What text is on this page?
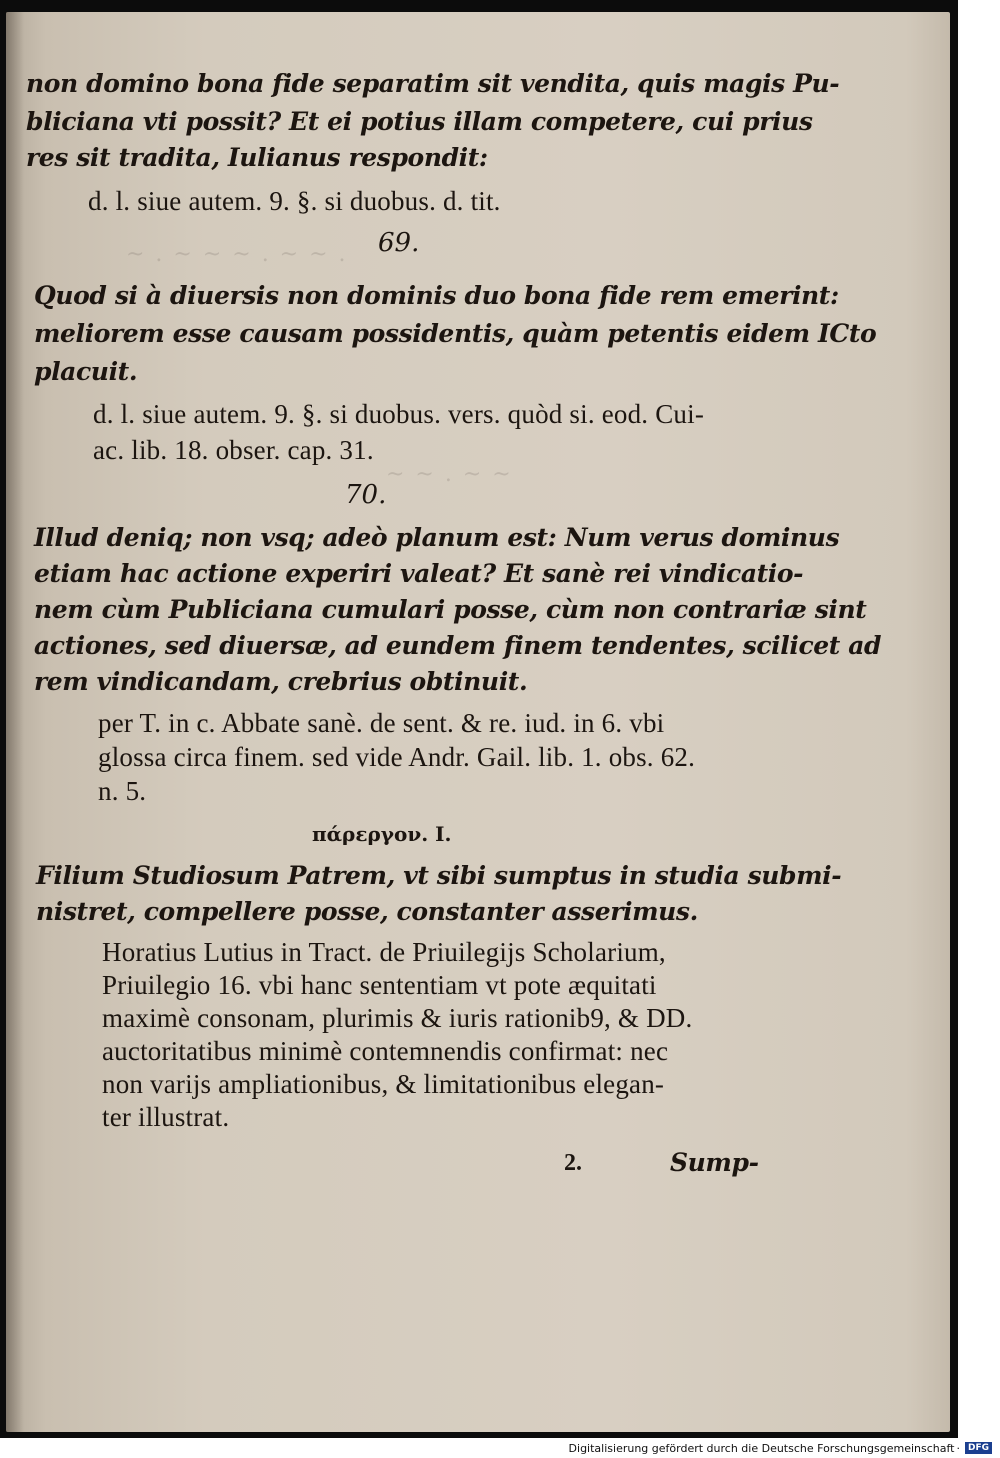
~ . ~ ~ ~ . ~ ~ .
~ ~ . ~ ~
non domino bona fide separatim sit vendita, quis magis Pu-
bliciana vti possit? Et ei potius illam competere, cui prius
res sit tradita, Iulianus respondit:
d. l. siue autem. 9. §. si duobus. d. tit.
69.
Quod si à diuersis non dominis duo bona fide rem emerint:
meliorem esse causam possidentis, quàm petentis eidem ICto
placuit.
d. l. siue autem. 9. §. si duobus. vers. quòd si. eod. Cui-
ac. lib. 18. obser. cap. 31.
70.
Illud deniq; non vsq; adeò planum est: Num verus dominus
etiam hac actione experiri valeat? Et sanè rei vindicatio-
nem cùm Publiciana cumulari posse, cùm non contrariæ sint
actiones, sed diuersæ, ad eundem finem tendentes, scilicet ad
rem vindicandam, crebrius obtinuit.
per T. in c. Abbate sanè. de sent. & re. iud. in 6. vbi
glossa circa finem. sed vide Andr. Gail. lib. 1. obs. 62.
n. 5.
πάρεργον. I.
Filium Studiosum Patrem, vt sibi sumptus in studia submi-
nistret, compellere posse, constanter asserimus.
Horatius Lutius in Tract. de Priuilegijs Scholarium,
Priuilegio 16. vbi hanc sententiam vt pote æquitati
maximè consonam, plurimis & iuris rationib9, & DD.
auctoritatibus minimè contemnendis confirmat: nec
non varijs ampliationibus, & limitationibus elegan-
ter illustrat.
2.	Sump-
Digitalisierung gefördert durch die Deutsche Forschungsgemeinschaft · DFG
